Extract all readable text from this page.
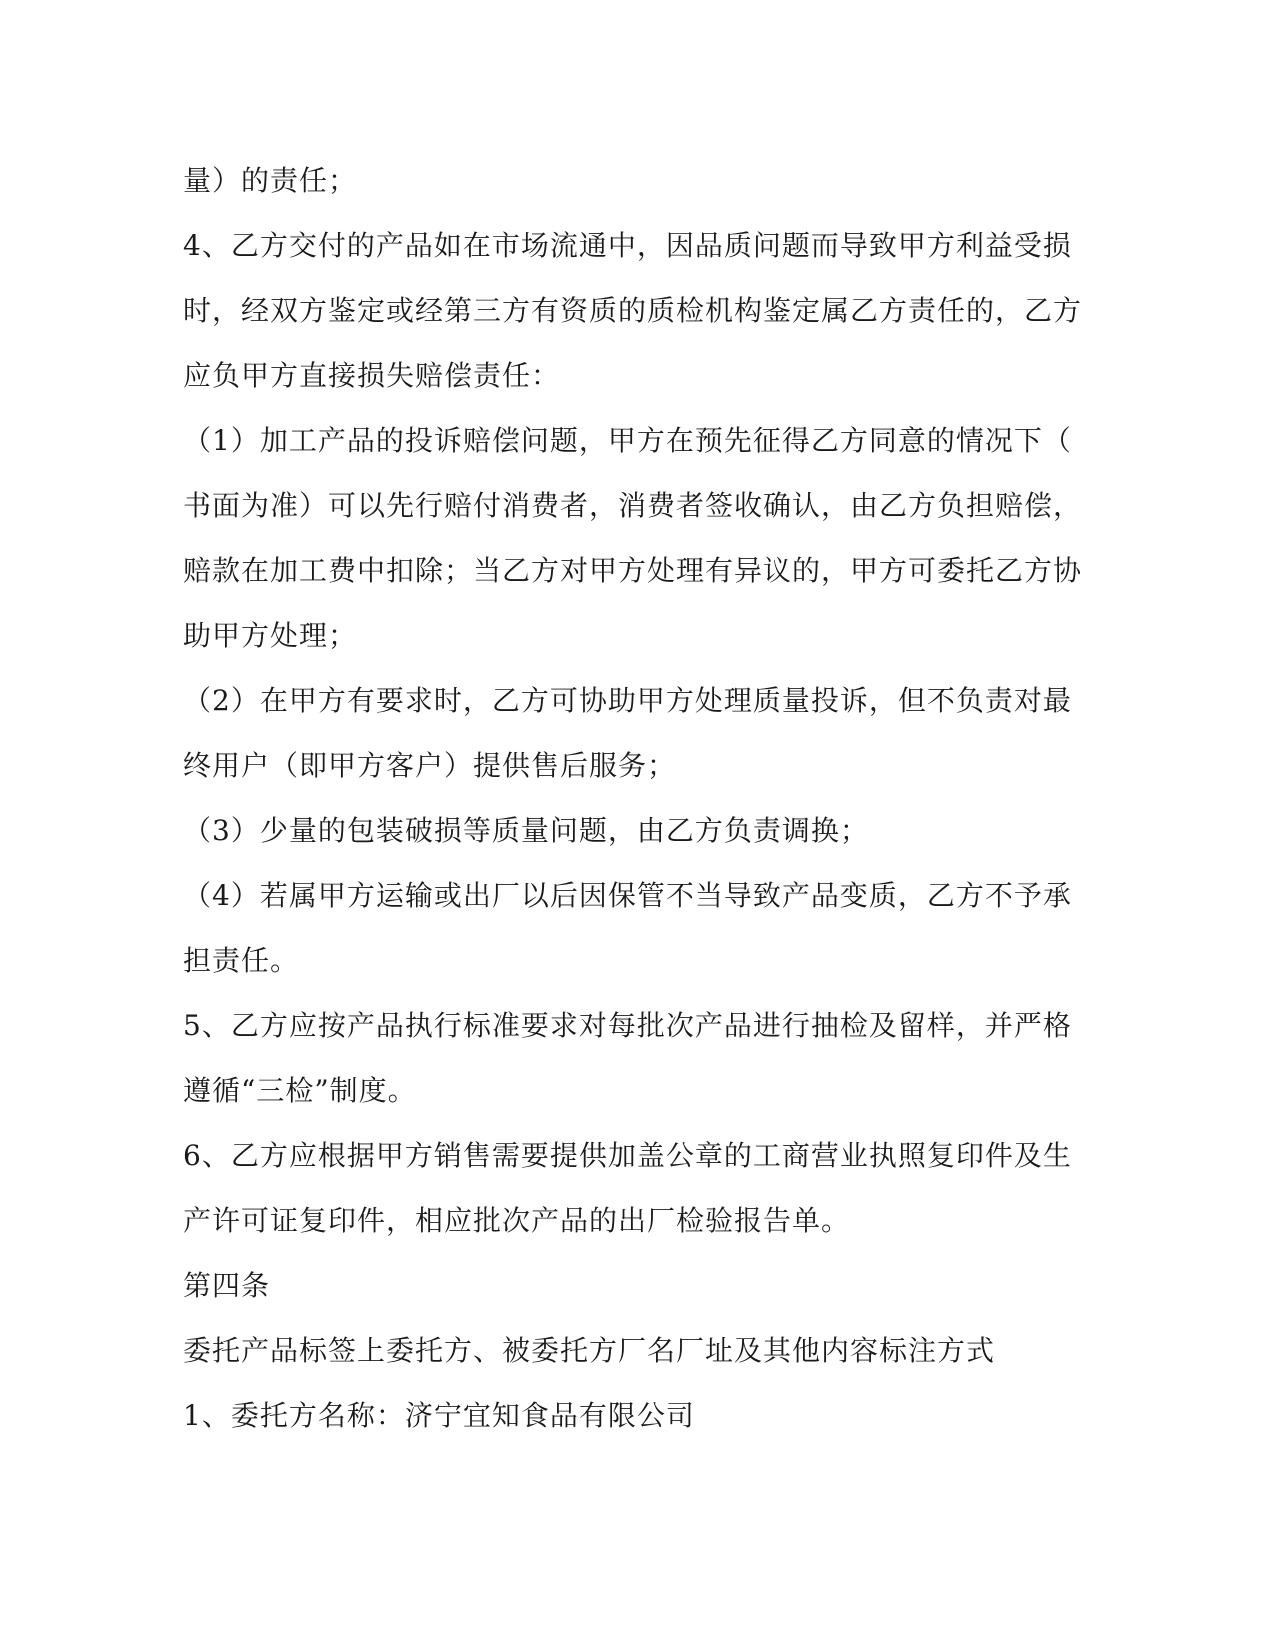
量）的责任；

4、乙方交付的产品如在市场流通中，因品质问题而导致甲方利益受损

时，经双方鉴定或经第三方有资质的质检机构鉴定属乙方责任的，乙方

应负甲方直接损失赔偿责任：

（1）加工产品的投诉赔偿问题，甲方在预先征得乙方同意的情况下（

书面为准）可以先行赔付消费者，消费者签收确认，由乙方负担赔偿，

赔款在加工费中扣除；当乙方对甲方处理有异议的，甲方可委托乙方协

助甲方处理；

（2）在甲方有要求时，乙方可协助甲方处理质量投诉，但不负责对最

终用户（即甲方客户）提供售后服务；

（3）少量的包装破损等质量问题，由乙方负责调换；

（4）若属甲方运输或出厂以后因保管不当导致产品变质，乙方不予承

担责任。

5、乙方应按产品执行标准要求对每批次产品进行抽检及留样，并严格

遵循“三检”制度。

6、乙方应根据甲方销售需要提供加盖公章的工商营业执照复印件及生

产许可证复印件，相应批次产品的出厂检验报告单。

第四条

委托产品标签上委托方、被委托方厂名厂址及其他内容标注方式

1、委托方名称：济宁宜知食品有限公司
